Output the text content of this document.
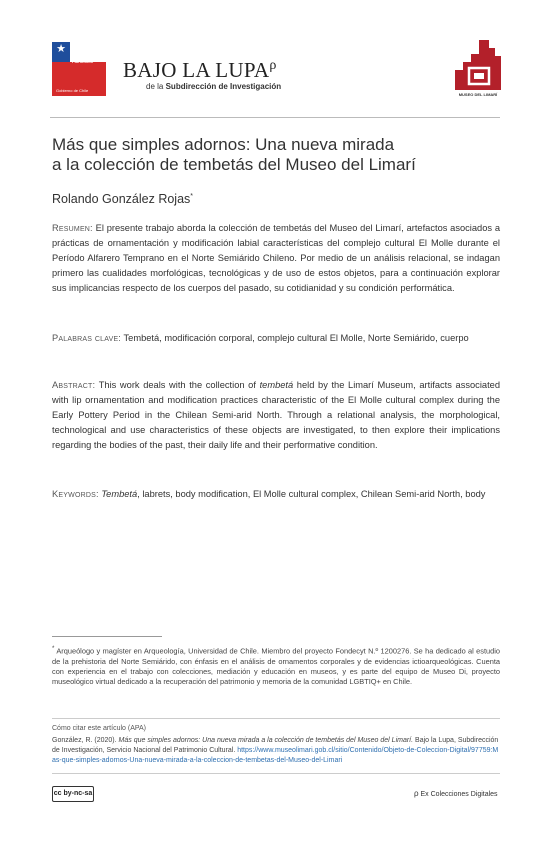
★ Ministerio de las Culturas, las Artes y el Patrimonio
Gobierno de Chile
BAJO LA $LUPA^\rho$
de la Subdirección de Investigación
MUSEO DEL LIMARÍ
Más que simples adornos: Una nueva mirada
a la colección de tembetás del Museo del Limarí
Rolando González Rojas*
Resumen: El presente trabajo aborda la colección de tembetás del Museo del Limarí, artefactos asociados a prácticas de ornamentación y modificación labial características del complejo cultural El Molle durante el Período Alfarero Temprano en el Norte Semiárido Chileno. Por medio de un análisis relacional, se indagan primero las cualidades morfológicas, tecnológicas y de uso de estos objetos, para a continuación explorar sus implicancias respecto de los cuerpos del pasado, su cotidianidad y su condición performática.
Palabras clave: Tembetá, modificación corporal, complejo cultural El Molle, Norte Semiárido, cuerpo
Abstract: This work deals with the collection of tembetá held by the Limarí Museum, artifacts associated with lip ornamentation and modification practices characteristic of the El Molle cultural complex during the Early Pottery Period in the Chilean Semi-arid North. Through a relational analysis, the morphological, technological and use characteristics of these objects are investigated, to then explore their implications regarding the bodies of the past, their daily life and their performative condition.
Keywords: Tembetá, labrets, body modification, El Molle cultural complex, Chilean Semi-arid North, body
* Arqueólogo y magíster en Arqueología, Universidad de Chile. Miembro del proyecto Fondecyt N.º 1200276. Se ha dedicado al estudio de la prehistoria del Norte Semiárido, con énfasis en el análisis de ornamentos corporales y de evidencias ictioarqueológicas. Cuenta con experiencia en el trabajo con colecciones, mediación y educación en museos, y es parte del equipo de Museo Di, proyecto museológico virtual dedicado a la recuperación del patrimonio y memoria de la comunidad LGBTIQ+ en Chile.
Cómo citar este artículo (APA)
González, R. (2020). Más que simples adornos: Una nueva mirada a la colección de tembetás del Museo del Limarí. Bajo la Lupa, Subdirección de Investigación, Servicio Nacional del Patrimonio Cultural. https://www.museolimari.gob.cl/sitio/Contenido/Objeto-de-Coleccion-Digital/97759:Mas-que-simples-adornos-Una-nueva-mirada-a-la-coleccion-de-tembetas-del-Museo-del-Limari
cc by-nc-sa	ρ Ex Colecciones Digitales
